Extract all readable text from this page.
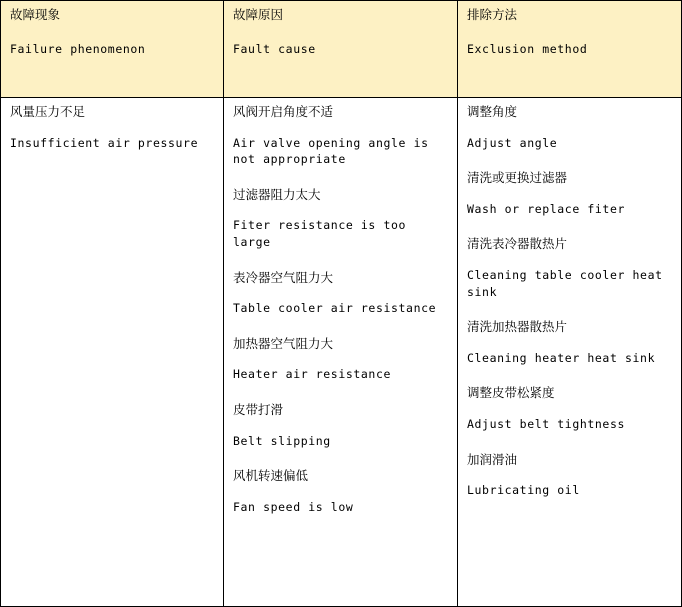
故障现象
Failure phenomenon

故障原因
Fault cause

排除方法
Exclusion method

风量压力不足
Insufficient air pressure

风阀开启角度不适
Air valve opening angle is not appropriate
过滤器阻力太大
Fiter resistance is too large
表冷器空气阻力大
Table cooler air resistance
加热器空气阻力大
Heater air resistance
皮带打滑
Belt slipping
风机转速偏低
Fan speed is low

调整角度
Adjust angle
清洗或更换过滤器
Wash or replace fiter
清洗表冷器散热片
Cleaning table cooler heat sink
清洗加热器散热片
Cleaning heater heat sink
调整皮带松紧度
Adjust belt tightness
加润滑油
Lubricating oil
